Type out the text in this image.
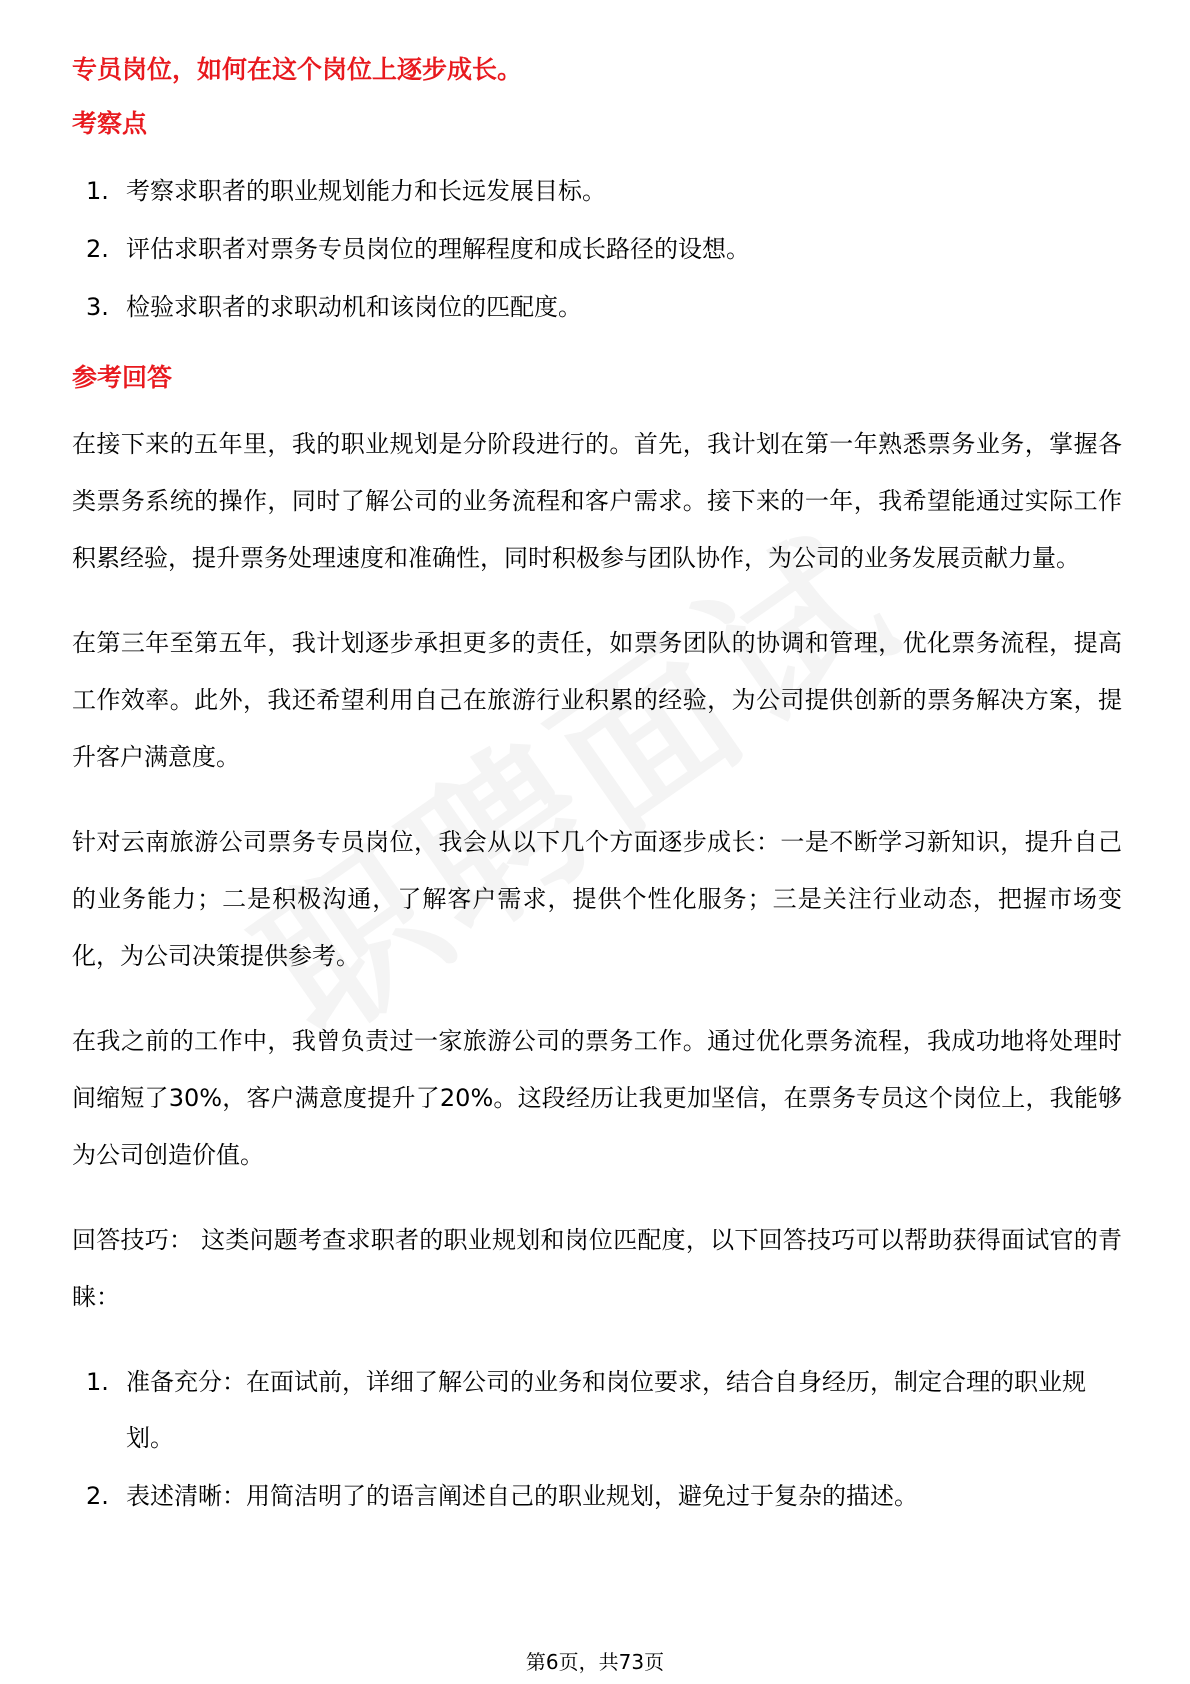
专员岗位，如何在这个岗位上逐步成长。
考察点
1. 考察求职者的职业规划能力和长远发展目标。
2. 评估求职者对票务专员岗位的理解程度和成长路径的设想。
3. 检验求职者的求职动机和该岗位的匹配度。
参考回答

在接下来的五年里，我的职业规划是分阶段进行的。首先，我计划在第一年熟悉票务业务，掌握各类票务系统的操作，同时了解公司的业务流程和客户需求。接下来的一年，我希望能通过实际工作积累经验，提升票务处理速度和准确性，同时积极参与团队协作，为公司的业务发展贡献力量。

在第三年至第五年，我计划逐步承担更多的责任，如票务团队的协调和管理，优化票务流程，提高工作效率。此外，我还希望利用自己在旅游行业积累的经验，为公司提供创新的票务解决方案，提升客户满意度。

针对云南旅游公司票务专员岗位，我会从以下几个方面逐步成长：一是不断学习新知识，提升自己的业务能力；二是积极沟通，了解客户需求，提供个性化服务；三是关注行业动态，把握市场变化，为公司决策提供参考。

在我之前的工作中，我曾负责过一家旅游公司的票务工作。通过优化票务流程，我成功地将处理时间缩短了30%，客户满意度提升了20%。这段经历让我更加坚信，在票务专员这个岗位上，我能够为公司创造价值。

回答技巧： 这类问题考查求职者的职业规划和岗位匹配度，以下回答技巧可以帮助获得面试官的青睐：

1. 准备充分：在面试前，详细了解公司的业务和岗位要求，结合自身经历，制定合理的职业规划。
2. 表述清晰：用简洁明了的语言阐述自己的职业规划，避免过于复杂的描述。
第6页，共73页
